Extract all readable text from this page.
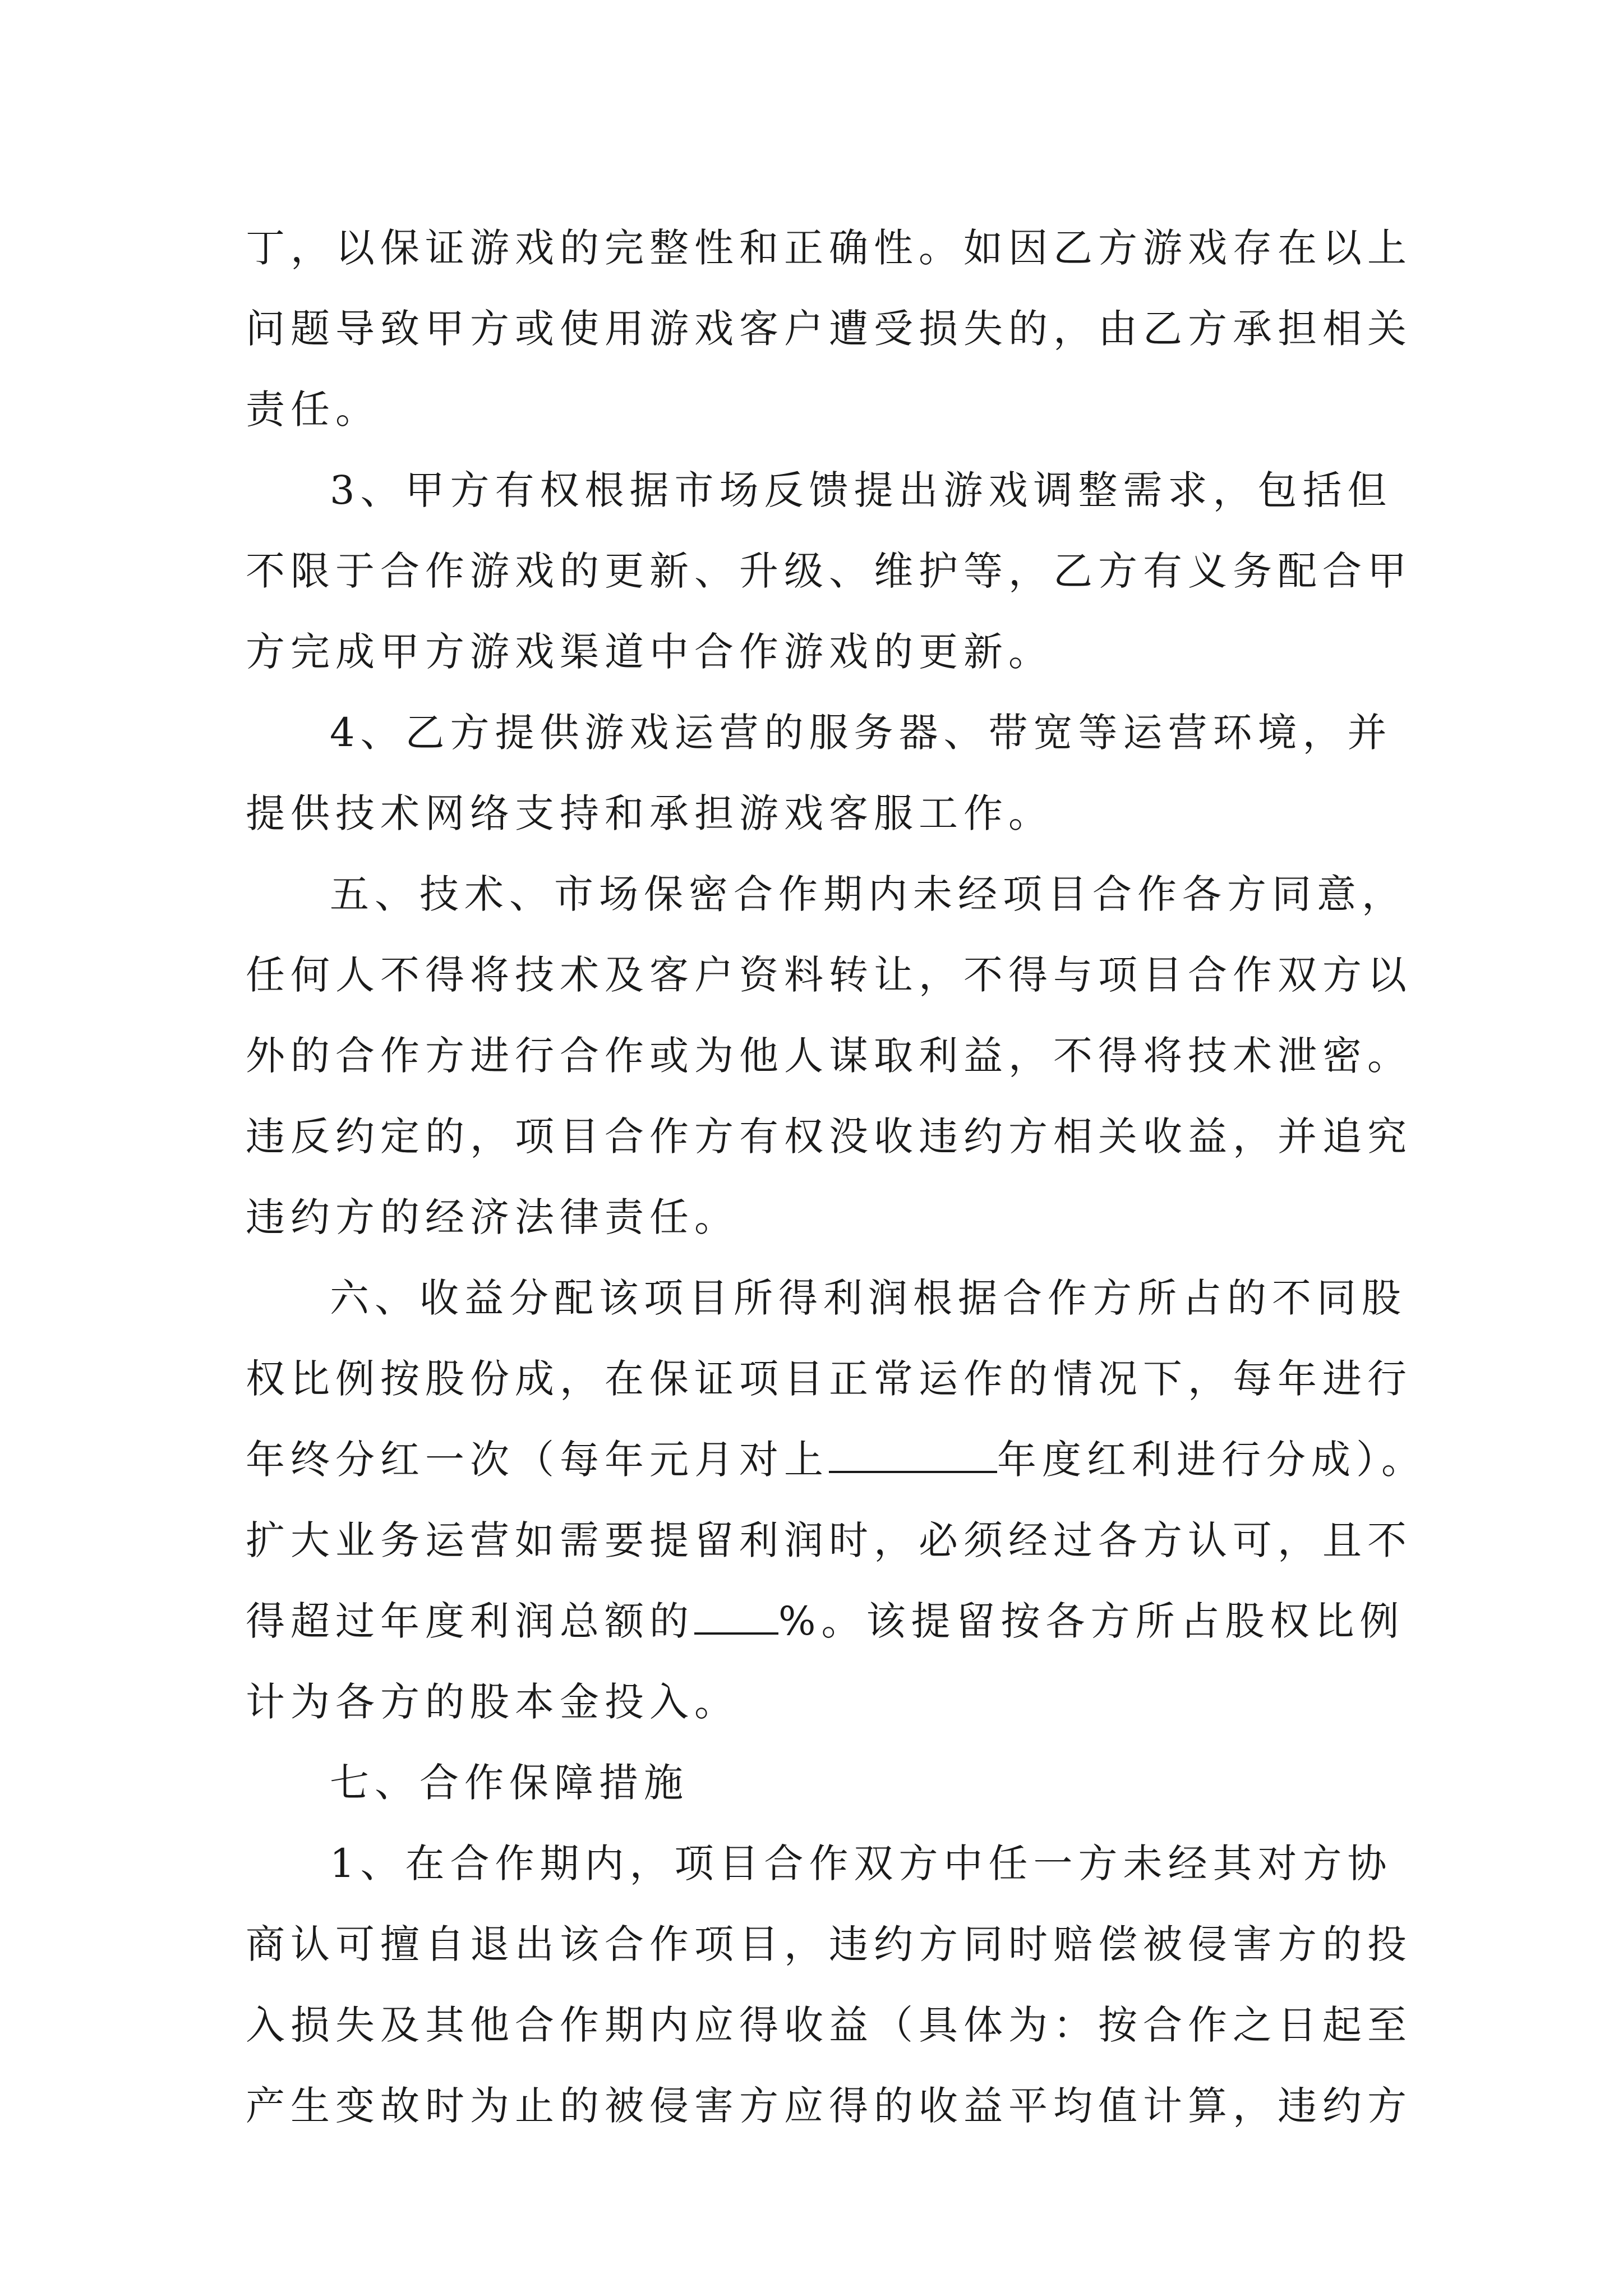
丁，以保证游戏的完整性和正确性。如因乙方游戏存在以上
问题导致甲方或使用游戏客户遭受损失的，由乙方承担相关
责任。
3、甲方有权根据市场反馈提出游戏调整需求，包括但
不限于合作游戏的更新、升级、维护等，乙方有义务配合甲
方完成甲方游戏渠道中合作游戏的更新。
4、乙方提供游戏运营的服务器、带宽等运营环境，并
提供技术网络支持和承担游戏客服工作。
五、技术、市场保密合作期内未经项目合作各方同意，
任何人不得将技术及客户资料转让，不得与项目合作双方以
外的合作方进行合作或为他人谋取利益，不得将技术泄密。
违反约定的，项目合作方有权没收违约方相关收益，并追究
违约方的经济法律责任。
六、收益分配该项目所得利润根据合作方所占的不同股
权比例按股份成，在保证项目正常运作的情况下，每年进行
年终分红一次（每年元月对上	年度红利进行分成）。
扩大业务运营如需要提留利润时，必须经过各方认可，且不
得超过年度利润总额的 %。该提留按各方所占股权比例
计为各方的股本金投入。
七、合作保障措施
1、在合作期内，项目合作双方中任一方未经其对方协
商认可擅自退出该合作项目，违约方同时赔偿被侵害方的投
入损失及其他合作期内应得收益（具体为：按合作之日起至
产生变故时为止的被侵害方应得的收益平均值计算，违约方
